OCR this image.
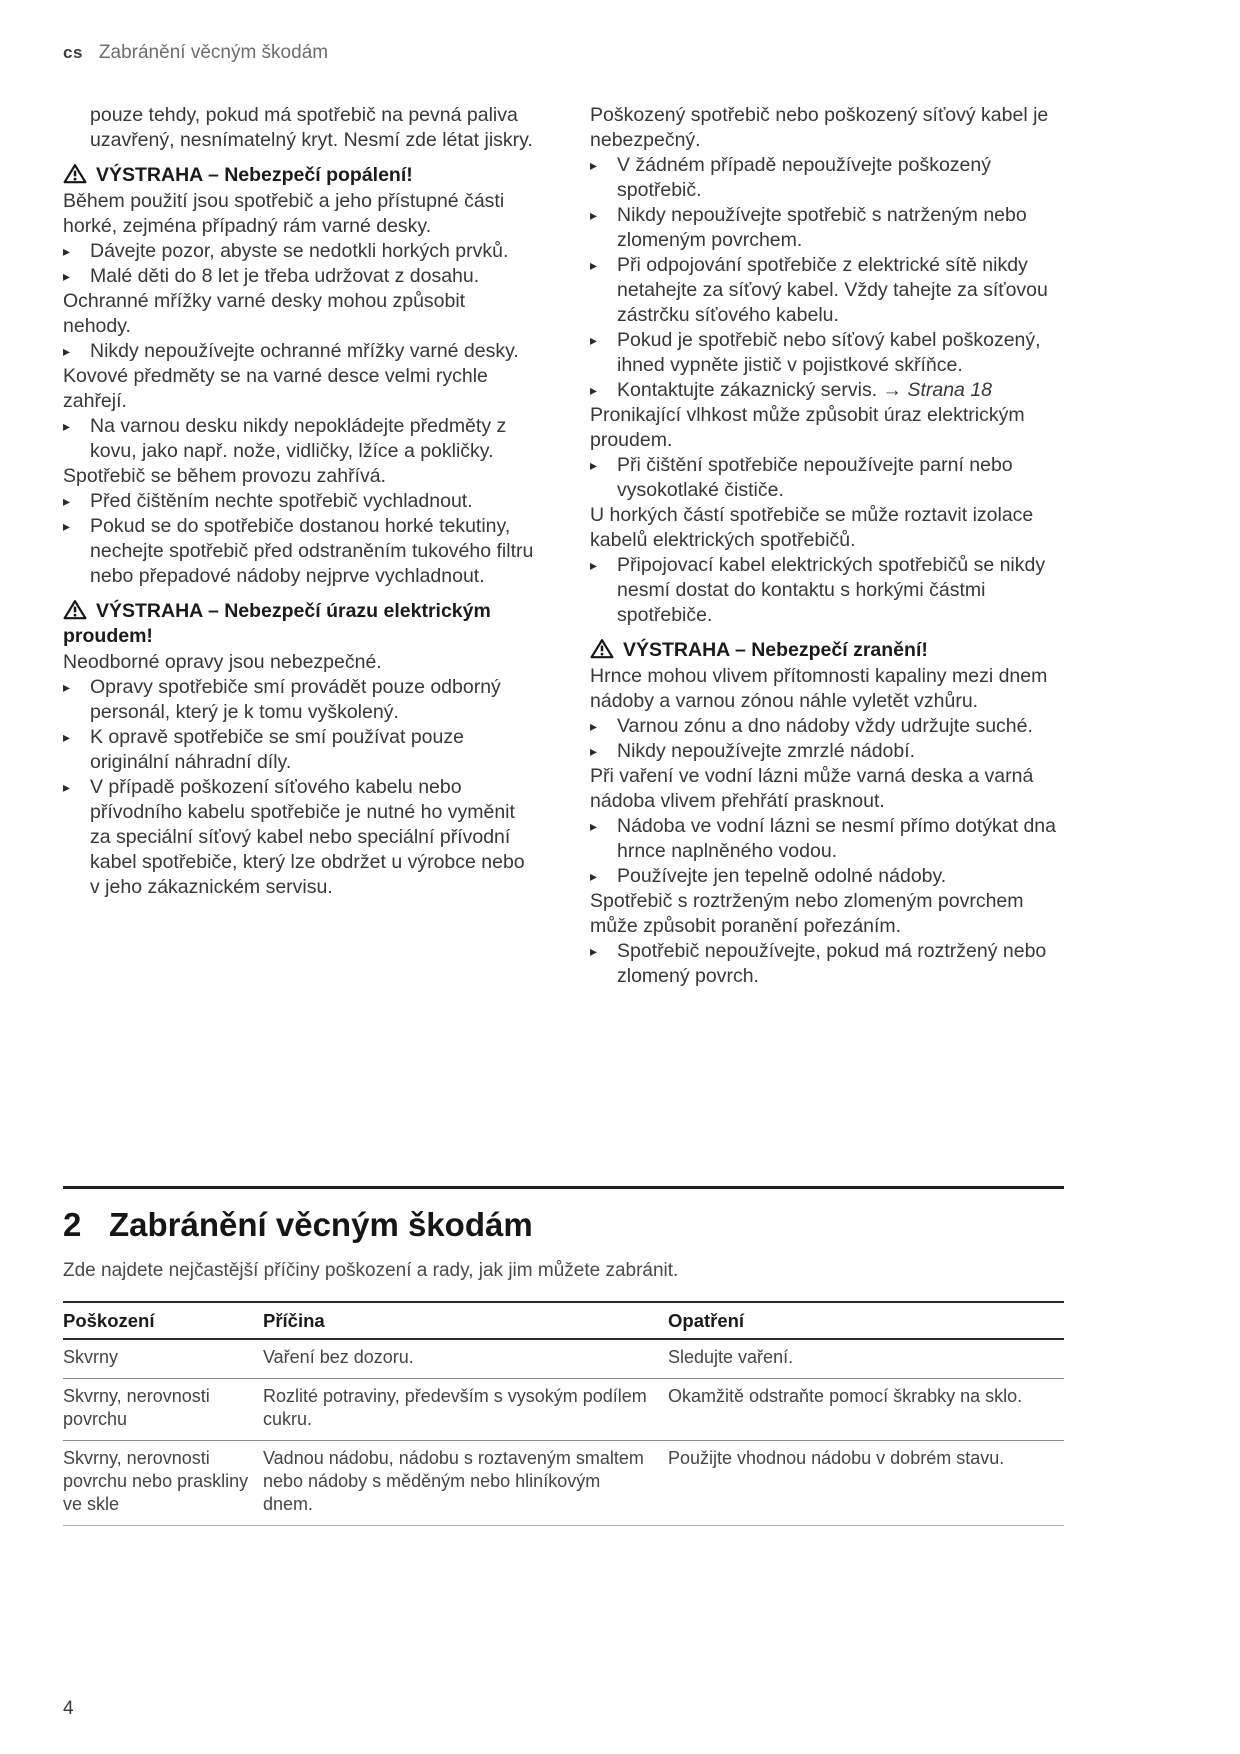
cs Zabránění věcným škodám

pouze tehdy, pokud má spotřebič na pevná paliva uzavřený, nesnímatelný kryt. Nesmí zde létat jiskry.

VÝSTRAHA – Nebezpečí popálení!

Během použití jsou spotřebič a jeho přístupné části horké, zejména případný rám varné desky.

▸	Dávejte pozor, abyste se nedotkli horkých prvků.
▸	Malé děti do 8 let je třeba udržovat z dosahu.

Ochranné mřížky varné desky mohou způsobit nehody.

▸	Nikdy nepoužívejte ochranné mřížky varné desky.

Kovové předměty se na varné desce velmi rychle zahřejí.

▸	Na varnou desku nikdy nepokládejte předměty z kovu, jako např. nože, vidličky, lžíce a pokličky.

Spotřebič se během provozu zahřívá.

▸	Před čištěním nechte spotřebič vychladnout.
▸	Pokud se do spotřebiče dostanou horké tekutiny, nechejte spotřebič před odstraněním tukového filtru nebo přepadové nádoby nejprve vychladnout.

VÝSTRAHA – Nebezpečí úrazu elektrickým proudem!

Neodborné opravy jsou nebezpečné.

▸	Opravy spotřebiče smí provádět pouze odborný personál, který je k tomu vyškolený.
▸	K opravě spotřebiče se smí používat pouze originální náhradní díly.
▸	V případě poškození síťového kabelu nebo přívodního kabelu spotřebiče je nutné ho vyměnit za speciální síťový kabel nebo speciální přívodní kabel spotřebiče, který lze obdržet u výrobce nebo v jeho zákaznickém servisu.

Poškozený spotřebič nebo poškozený síťový kabel je nebezpečný.

▸	V žádném případě nepoužívejte poškozený spotřebič.
▸	Nikdy nepoužívejte spotřebič s natrženým nebo zlomeným povrchem.
▸	Při odpojování spotřebiče z elektrické sítě nikdy netahejte za síťový kabel. Vždy tahejte za síťovou zástrčku síťového kabelu.
▸	Pokud je spotřebič nebo síťový kabel poškozený, ihned vypněte jistič v pojistkové skříňce.
▸	Kontaktujte zákaznický servis. → Strana 18

Pronikající vlhkost může způsobit úraz elektrickým proudem.

▸	Při čištění spotřebiče nepoužívejte parní nebo vysokotlaké čističe.

U horkých částí spotřebiče se může roztavit izolace kabelů elektrických spotřebičů.

▸	Připojovací kabel elektrických spotřebičů se nikdy nesmí dostat do kontaktu s horkými částmi spotřebiče.

VÝSTRAHA – Nebezpečí zranění!

Hrnce mohou vlivem přítomnosti kapaliny mezi dnem nádoby a varnou zónou náhle vyletět vzhůru.

▸	Varnou zónu a dno nádoby vždy udržujte suché.
▸	Nikdy nepoužívejte zmrzlé nádobí.

Při vaření ve vodní lázni může varná deska a varná nádoba vlivem přehřátí prasknout.

▸	Nádoba ve vodní lázni se nesmí přímo dotýkat dna hrnce naplněného vodou.
▸	Používejte jen tepelně odolné nádoby.

Spotřebič s roztrženým nebo zlomeným povrchem může způsobit poranění pořezáním.

▸	Spotřebič nepoužívejte, pokud má roztržený nebo zlomený povrch.
2 Zabránění věcným škodám

Zde najdete nejčastější příčiny poškození a rady, jak jim můžete zabránit.

Poškození	Příčina	Opatření
Skvrny	Vaření bez dozoru.	Sledujte vaření.
Skvrny, nerovnosti povrchu	Rozlité potraviny, především s vysokým podílem cukru.	Okamžitě odstraňte pomocí škrabky na sklo.
Skvrny, nerovnosti povrchu nebo praskliny ve skle	Vadnou nádobu, nádobu s roztaveným smaltem nebo nádoby s měděným nebo hliníkovým dnem.	Použijte vhodnou nádobu v dobrém stavu.
4
